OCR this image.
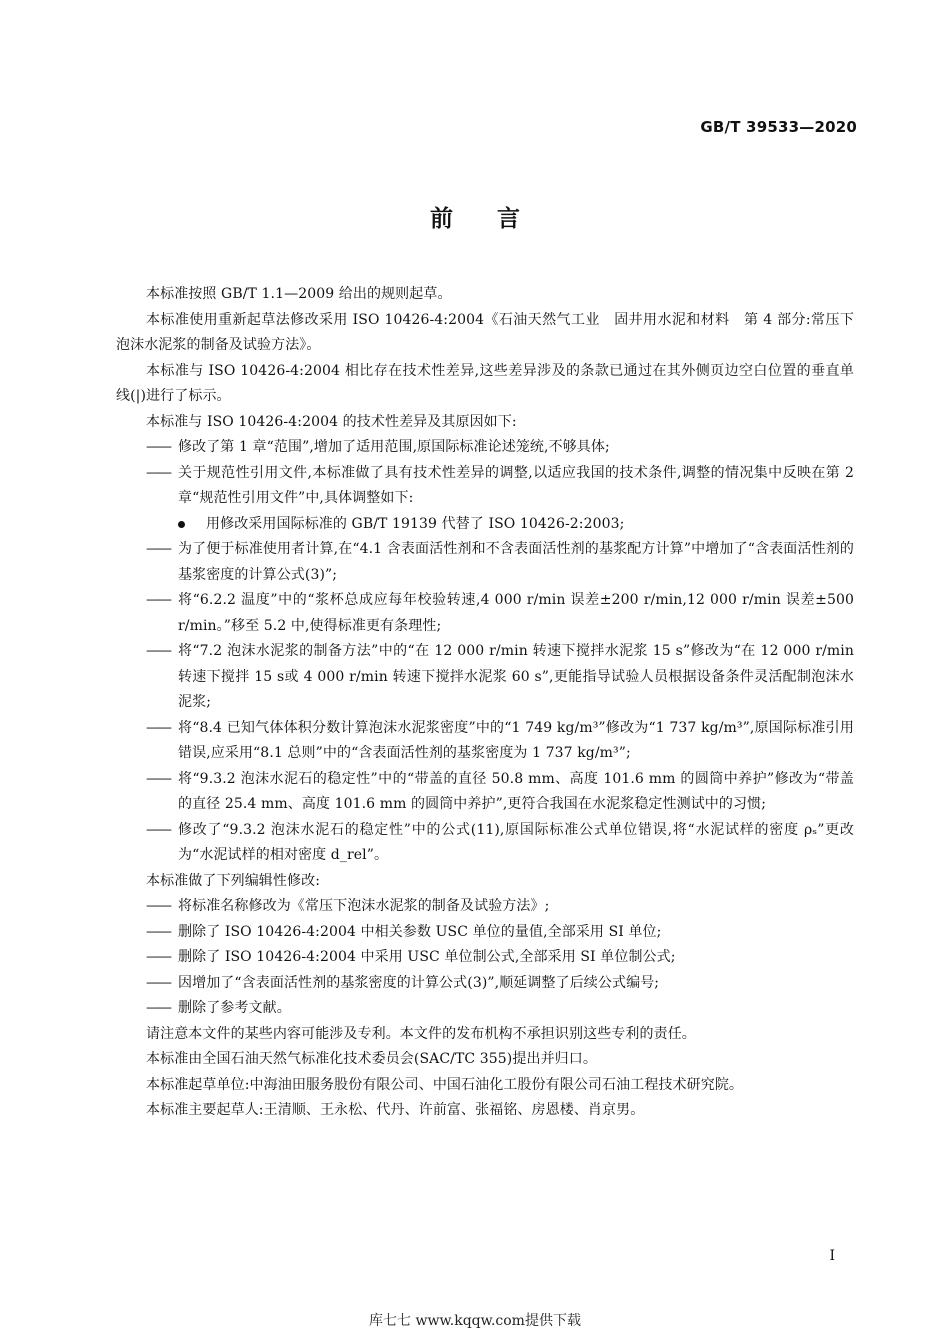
GB/T 39533—2020
前言

本标准按照 GB/T 1.1—2009 给出的规则起草。

本标准使用重新起草法修改采用 ISO 10426-4:2004《石油天然气工业　固井用水泥和材料　第 4 部分:常压下泡沫水泥浆的制备及试验方法》。

本标准与 ISO 10426-4:2004 相比存在技术性差异,这些差异涉及的条款已通过在其外侧页边空白位置的垂直单线(|)进行了标示。

本标准与 ISO 10426-4:2004 的技术性差异及其原因如下:

—— 修改了第 1 章“范围”,增加了适用范围,原国际标准论述笼统,不够具体;

—— 关于规范性引用文件,本标准做了具有技术性差异的调整,以适应我国的技术条件,调整的情况集中反映在第 2 章“规范性引用文件”中,具体调整如下:

用修改采用国际标准的 GB/T 19139 代替了 ISO 10426-2:2003;

—— 为了便于标准使用者计算,在“4.1 含表面活性剂和不含表面活性剂的基浆配方计算”中增加了“含表面活性剂的基浆密度的计算公式(3)”;

—— 将“6.2.2 温度”中的“浆杯总成应每年校验转速,4 000 r/min 误差±200 r/min,12 000 r/min 误差±500 r/min。”移至 5.2 中,使得标准更有条理性;

—— 将“7.2 泡沫水泥浆的制备方法”中的“在 12 000 r/min 转速下搅拌水泥浆 15 s”修改为“在 12 000 r/min转速下搅拌 15 s或 4 000 r/min 转速下搅拌水泥浆 60 s”,更能指导试验人员根据设备条件灵活配制泡沫水泥浆;

—— 将“8.4 已知气体体积分数计算泡沫水泥浆密度”中的“1 749 kg/m³”修改为“1 737 kg/m³”,原国际标准引用错误,应采用“8.1 总则”中的“含表面活性剂的基浆密度为 1 737 kg/m³”;

—— 将“9.3.2 泡沫水泥石的稳定性”中的“带盖的直径 50.8 mm、高度 101.6 mm 的圆筒中养护”修改为“带盖的直径 25.4 mm、高度 101.6 mm 的圆筒中养护”,更符合我国在水泥浆稳定性测试中的习惯;

—— 修改了“9.3.2 泡沫水泥石的稳定性”中的公式(11),原国际标准公式单位错误,将“水泥试样的密度 ρₛ”更改为“水泥试样的相对密度 d_rel”。

本标准做了下列编辑性修改:

—— 将标准名称修改为《常压下泡沫水泥浆的制备及试验方法》;

—— 删除了 ISO 10426-4:2004 中相关参数 USC 单位的量值,全部采用 SI 单位;

—— 删除了 ISO 10426-4:2004 中采用 USC 单位制公式,全部采用 SI 单位制公式;

—— 因增加了“含表面活性剂的基浆密度的计算公式(3)”,顺延调整了后续公式编号;

—— 删除了参考文献。

请注意本文件的某些内容可能涉及专利。本文件的发布机构不承担识别这些专利的责任。

本标准由全国石油天然气标准化技术委员会(SAC/TC 355)提出并归口。

本标准起草单位:中海油田服务股份有限公司、中国石油化工股份有限公司石油工程技术研究院。

本标准主要起草人:王清顺、王永松、代丹、许前富、张福铭、房恩楼、肖京男。

I
库七七 www.kqqw.com提供下载
